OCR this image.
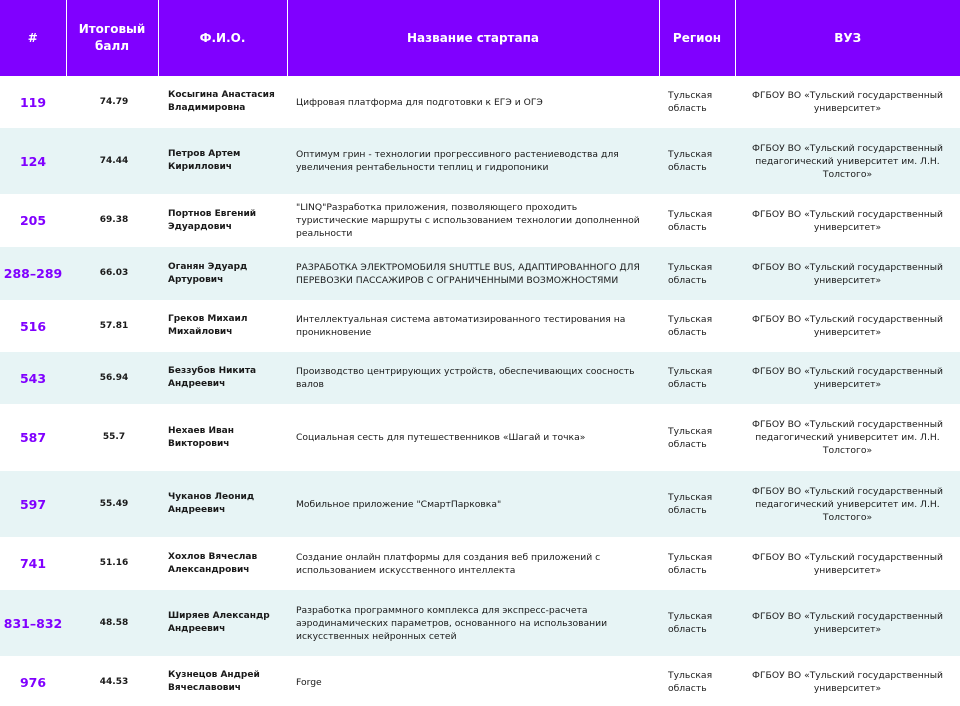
#	Итоговый балл	Ф.И.О.	Название стартапа	Регион	ВУЗ
119	74.79	Косыгина Анастасия Владимировна	Цифровая платформа для подготовки к ЕГЭ и ОГЭ	Тульская область	ФГБОУ ВО «Тульский государственный университет»
124	74.44	Петров Артем Кириллович	Оптимум грин - технологии прогрессивного растениеводства для увеличения рентабельности теплиц и гидропоники	Тульская область	ФГБОУ ВО «Тульский государственный педагогический университет им. Л.Н. Толстого»
205	69.38	Портнов Евгений Эдуардович	"LINQ"Разработка приложения, позволяющего проходить туристические маршруты с использованием технологии дополненной реальности	Тульская область	ФГБОУ ВО «Тульский государственный университет»
288–289	66.03	Оганян Эдуард Артурович	РАЗРАБОТКА ЭЛЕКТРОМОБИЛЯ SHUTTLE BUS, АДАПТИРОВАННОГО ДЛЯ ПЕРЕВОЗКИ ПАССАЖИРОВ С ОГРАНИЧЕННЫМИ ВОЗМОЖНОСТЯМИ	Тульская область	ФГБОУ ВО «Тульский государственный университет»
516	57.81	Греков Михаил Михайлович	Интеллектуальная система автоматизированного тестирования на проникновение	Тульская область	ФГБОУ ВО «Тульский государственный университет»
543	56.94	Беззубов Никита Андреевич	Производство центрирующих устройств, обеспечивающих соосность валов	Тульская область	ФГБОУ ВО «Тульский государственный университет»
587	55.7	Нехаев Иван Викторович	Социальная сесть для путешественников «Шагай и точка»	Тульская область	ФГБОУ ВО «Тульский государственный педагогический университет им. Л.Н. Толстого»
597	55.49	Чуканов Леонид Андреевич	Мобильное приложение "СмартПарковка"	Тульская область	ФГБОУ ВО «Тульский государственный педагогический университет им. Л.Н. Толстого»
741	51.16	Хохлов Вячеслав Александрович	Создание онлайн платформы для создания веб приложений с использованием искусственного интеллекта	Тульская область	ФГБОУ ВО «Тульский государственный университет»
831–832	48.58	Ширяев Александр Андреевич	Разработка программного комплекса для экспресс-расчета аэродинамических параметров, основанного на использовании искусственных нейронных сетей	Тульская область	ФГБОУ ВО «Тульский государственный университет»
976	44.53	Кузнецов Андрей Вячеславович	Forge	Тульская область	ФГБОУ ВО «Тульский государственный университет»
